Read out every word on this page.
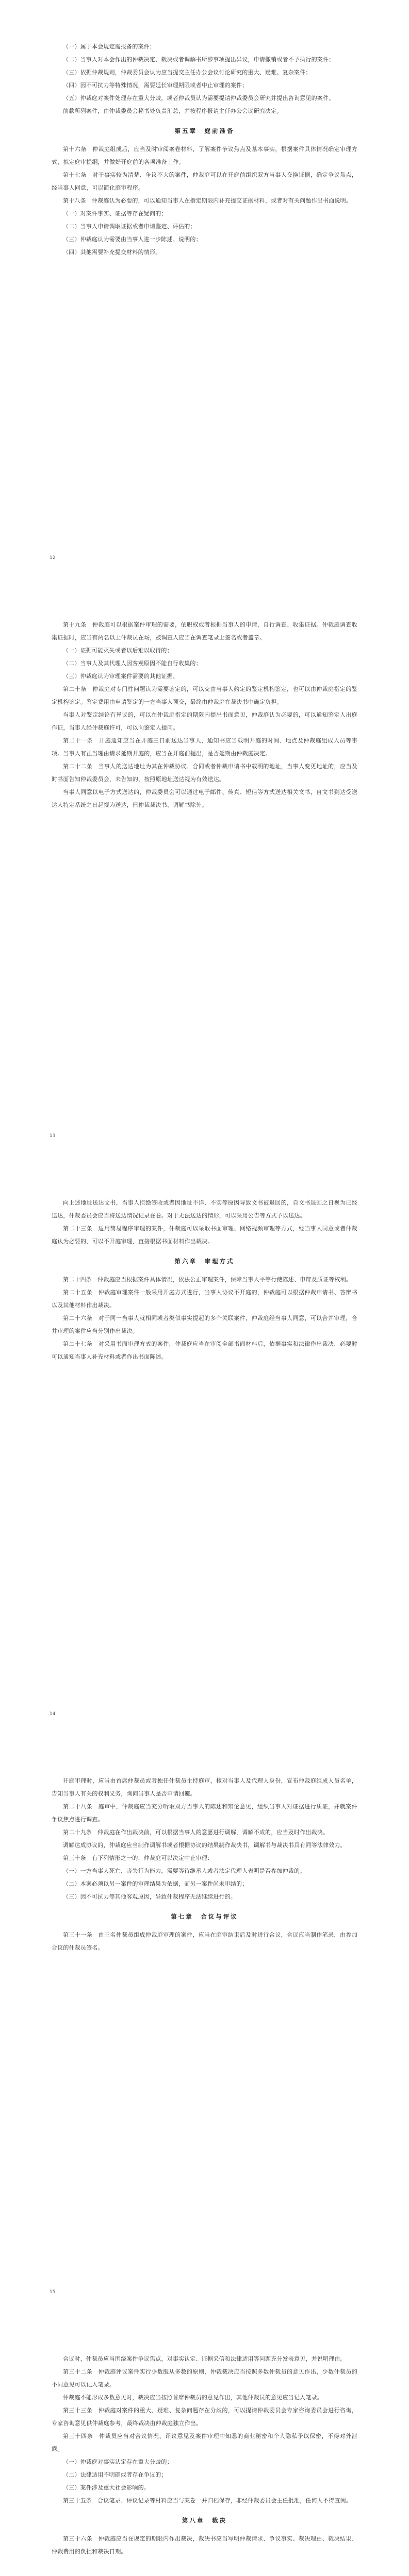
（一）属于本会规定需报备的案件；

（二）当事人对本会作出的仲裁决定、裁决或者调解书所涉事项提出异议，申请撤销或者不予执行的案件；

（三）依据仲裁规则，仲裁委员会认为应当提交主任办公会议讨论研究的重大、疑难、复杂案件；

（四）因不可抗力等特殊情况，需要延长审理期限或者中止审理的案件；

（五）仲裁庭对案件处理存在重大分歧，或者仲裁员认为需要提请仲裁委员会研究并提出咨询意见的案件。

前款所列案件，由仲裁委员会秘书处负责汇总，并按程序报请主任办公会议研究决定。

第五章　庭前准备

第十六条　仲裁庭组成后，应当及时审阅案卷材料，了解案件争议焦点及基本事实，根据案件具体情况确定审理方式，拟定庭审提纲，并做好开庭前的各项准备工作。

第十七条　对于事实较为清楚、争议不大的案件，仲裁庭可以在开庭前组织双方当事人交换证据，确定争议焦点，经当事人同意，可以简化庭审程序。

第十八条　仲裁庭认为必要的，可以通知当事人在指定期限内补充提交证据材料，或者对有关问题作出书面说明。

（一）对案件事实、证据等存在疑问的；

（二）当事人申请调取证据或者申请鉴定、评估的；

（三）仲裁庭认为需要由当事人进一步陈述、说明的；

（四）其他需要补充提交材料的情形。

12

第十九条　仲裁庭可以根据案件审理的需要，依职权或者根据当事人的申请，自行调查、收集证据。仲裁庭调查收集证据时，应当有两名以上仲裁员在场，被调查人应当在调查笔录上签名或者盖章。

（一）证据可能灭失或者以后难以取得的；

（二）当事人及其代理人因客观原因不能自行收集的；

（三）仲裁庭认为审理案件需要的其他证据。

第二十条　仲裁庭对专门性问题认为需要鉴定的，可以交由当事人约定的鉴定机构鉴定，也可以由仲裁庭指定的鉴定机构鉴定。鉴定费用由申请鉴定的一方当事人预交，最终由仲裁庭在裁决书中确定负担。

当事人对鉴定结论有异议的，可以在仲裁庭指定的期限内提出书面意见，仲裁庭认为必要的，可以通知鉴定人出庭作证，当事人经仲裁庭许可，可以向鉴定人提问。

第二十一条　开庭通知应当在开庭三日前送达当事人，通知书应当载明开庭的时间、地点及仲裁庭组成人员等事项。当事人有正当理由请求延期开庭的，应当在开庭前提出，是否延期由仲裁庭决定。

第二十二条　当事人的送达地址为其在仲裁协议、合同或者仲裁申请书中载明的地址，当事人变更地址的，应当及时书面告知仲裁委员会，未告知的，按照原地址送达视为有效送达。

当事人同意以电子方式送达的，仲裁委员会可以通过电子邮件、传真、短信等方式送达相关文书，自文书到达受送达人特定系统之日起视为送达，但仲裁裁决书、调解书除外。

13

向上述地址送达文书，当事人拒绝签收或者因地址不详、不实等原因导致文书被退回的，自文书退回之日视为已经送达，仲裁委员会应当将送达情况记录在卷。对于无法送达的情形，可以采用公告等方式予以送达。

第二十三条　适用简易程序审理的案件，仲裁庭可以采取书面审理、网络视频审理等方式，经当事人同意或者仲裁庭认为必要的，可以不开庭审理，直接根据书面材料作出裁决。

第六章　审理方式

第二十四条　仲裁庭应当根据案件具体情况，依法公正审理案件，保障当事人平等行使陈述、申辩及质证等权利。

第二十五条　仲裁庭审理案件一般采用开庭方式进行，当事人协议不开庭的，仲裁庭可以根据仲裁申请书、答辩书以及其他材料作出裁决。

第二十六条　对于同一当事人就相同或者类似事实提起的多个关联案件，仲裁庭经当事人同意，可以合并审理，合并审理的案件应当分别作出裁决。

第二十七条　对采用书面审理方式的案件，仲裁庭应当在审阅全部书面材料后，依据事实和法律作出裁决，必要时可以通知当事人补充材料或者作出书面陈述。

14

开庭审理时，应当由首席仲裁员或者独任仲裁员主持庭审，核对当事人及代理人身份，宣布仲裁庭组成人员名单，告知当事人有关的权利义务，询问当事人是否申请回避。

第二十八条　庭审中，仲裁庭应当充分听取双方当事人的陈述和辩论意见，组织当事人对证据进行质证，并就案件争议焦点进行调查。

第二十九条　仲裁庭在作出裁决前，可以根据当事人的意愿进行调解，调解不成的，应当及时作出裁决。

调解达成协议的，仲裁庭应当制作调解书或者根据协议的结果制作裁决书，调解书与裁决书具有同等法律效力。

第三十条　有下列情形之一的，仲裁庭可以决定中止审理：

（一）一方当事人死亡、丧失行为能力，需要等待继承人或者法定代理人表明是否参加仲裁的；

（二）本案必须以另一案件的审理结果为依据，而另一案件尚未审结的；

（三）因不可抗力等其他客观原因，导致仲裁程序无法继续进行的。

第七章　合议与评议

第三十一条　由三名仲裁员组成仲裁庭审理的案件，应当在庭审结束后及时进行合议，合议应当制作笔录，由参加合议的仲裁员签名。

15

合议时，仲裁员应当围绕案件争议焦点，对事实认定、证据采信和法律适用等问题充分发表意见，并说明理由。

第三十二条　仲裁庭评议案件实行少数服从多数的原则，仲裁裁决应当按照多数仲裁员的意见作出，少数仲裁员的不同意见可以记入笔录。

仲裁庭不能形成多数意见时，裁决应当按照首席仲裁员的意见作出，其他仲裁员的意见应当记入笔录。

第三十三条　仲裁庭对案件的重大、疑难、复杂问题存在分歧的，可以提请仲裁委员会专家咨询委员会进行咨询，专家咨询意见供仲裁庭参考，最终裁决由仲裁庭独立作出。

第三十四条　仲裁员应当对合议情况、评议意见及案件审理中知悉的商业秘密和个人隐私予以保密，不得对外泄露。

（一）仲裁庭对事实认定存在重大分歧的；

（二）法律适用不明确或者存在争议的；

（三）案件涉及重大社会影响的。

第三十五条　合议笔录、评议记录等材料应当与案卷一并归档保存，非经仲裁委员会主任批准，任何人不得查阅。

第八章　裁决

第三十六条　仲裁庭应当在规定的期限内作出裁决，裁决书应当写明仲裁请求、争议事实、裁决理由、裁决结果、仲裁费用的负担和裁决日期。
